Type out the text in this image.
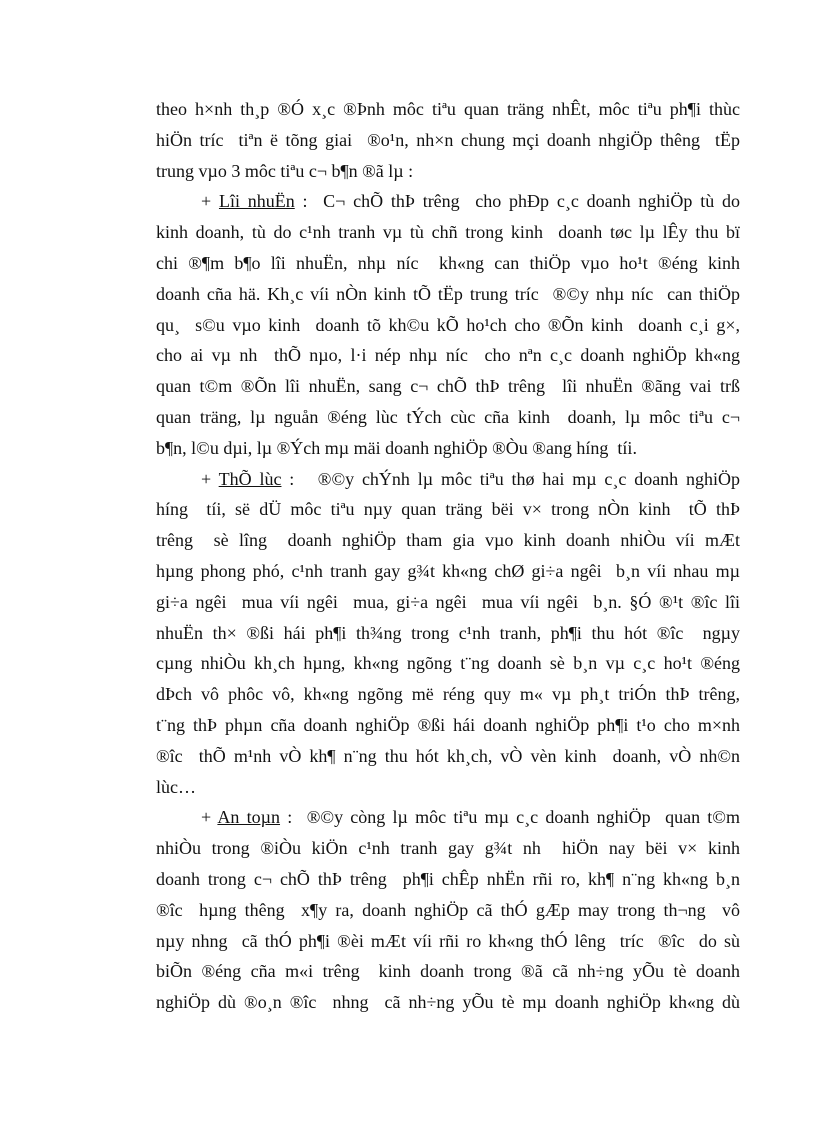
theo h×nh th¸p ®Ó x¸c ®Þnh môc tiªu quan träng nhÊt, môc tiªu ph¶i thùc
hiÖn tríc  tiªn ë tõng giai  ®o¹n, nh×n chung mçi doanh nhgiÖp thêng  tËp
trung vµo 3 môc tiªu c¬ b¶n ®ã lµ :
+ Lîi nhuËn :  C¬ chÕ thÞ trêng  cho phÐp c¸c doanh nghiÖp tù do
kinh doanh, tù do c¹nh tranh vµ tù chñ trong kinh  doanh tøc lµ lÊy thu bï
chi ®¶m b¶o lîi nhuËn, nhµ níc  kh«ng can thiÖp vµo ho¹t ®éng kinh
doanh cña hä. Kh¸c víi nÒn kinh tÕ tËp trung tríc  ®©y nhµ níc  can thiÖp
qu¸  s©u vµo kinh  doanh tõ kh©u kÕ ho¹ch cho ®Õn kinh  doanh c¸i g×,
cho ai vµ nh  thÕ nµo, l·i nép nhµ níc  cho nªn c¸c doanh nghiÖp kh«ng
quan t©m ®Õn lîi nhuËn, sang c¬ chÕ thÞ trêng  lîi nhuËn ®ãng vai trß
quan träng, lµ nguån ®éng lùc tÝch cùc cña kinh  doanh, lµ môc tiªu c¬
b¶n, l©u dµi, lµ ®Ých mµ mäi doanh nghiÖp ®Òu ®ang híng  tíi.
+ ThÕ lùc :   ®©y chÝnh lµ môc tiªu thø hai mµ c¸c doanh nghiÖp
híng  tíi, së dÜ môc tiªu nµy quan träng bëi v× trong nÒn kinh  tÕ thÞ
trêng  sè lîng  doanh nghiÖp tham gia vµo kinh doanh nhiÒu víi mÆt
hµng phong phó, c¹nh tranh gay g¾t kh«ng chØ gi÷a ngêi  b¸n víi nhau mµ
gi÷a ngêi  mua víi ngêi  mua, gi÷a ngêi  mua víi ngêi  b¸n. §Ó ®¹t ®îc lîi
nhuËn th× ®ßi hái ph¶i th¾ng trong c¹nh tranh, ph¶i thu hót ®îc  ngµy
cµng nhiÒu kh¸ch hµng, kh«ng ngõng t¨ng doanh sè b¸n vµ c¸c ho¹t ®éng
dÞch vô phôc vô, kh«ng ngõng më réng quy m« vµ ph¸t triÓn thÞ trêng,
t¨ng thÞ phµn cña doanh nghiÖp ®ßi hái doanh nghiÖp ph¶i t¹o cho m×nh
®îc  thÕ m¹nh vÒ kh¶ n¨ng thu hót kh¸ch, vÒ vèn kinh  doanh, vÒ nh©n
lùc…
+ An toµn :  ®©y còng lµ môc tiªu mµ c¸c doanh nghiÖp  quan t©m
nhiÒu trong ®iÒu kiÖn c¹nh tranh gay g¾t nh  hiÖn nay bëi v× kinh
doanh trong c¬ chÕ thÞ trêng  ph¶i chÊp nhËn rñi ro, kh¶ n¨ng kh«ng b¸n
®îc  hµng thêng  x¶y ra, doanh nghiÖp cã thÓ gÆp may trong th¬ng  vô
nµy nhng  cã thÓ ph¶i ®èi mÆt víi rñi ro kh«ng thÓ lêng  tríc  ®îc  do sù
biÕn ®éng cña m«i trêng  kinh doanh trong ®ã cã nh÷ng yÕu tè doanh
nghiÖp dù ®o¸n ®îc  nhng  cã nh÷ng yÕu tè mµ doanh nghiÖp kh«ng dù
